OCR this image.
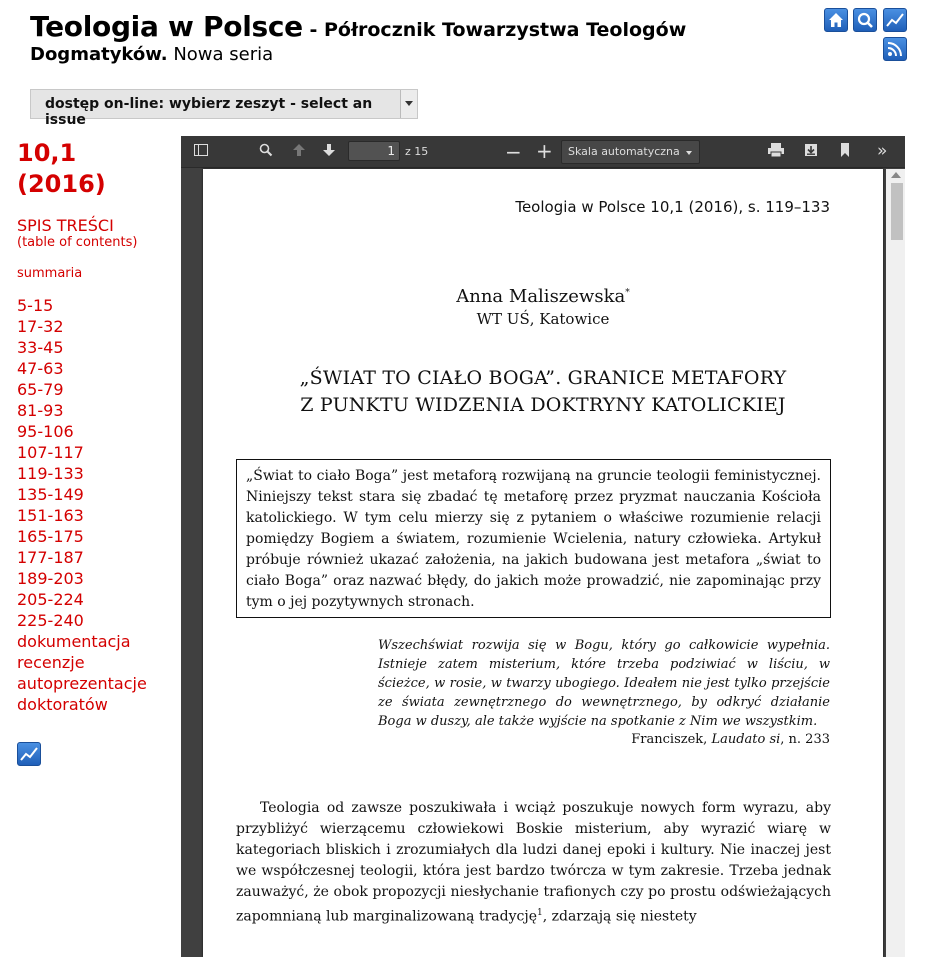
Teologia w Polsce - Półrocznik Towarzystwa Teologów
Dogmatyków. Nowa seria
dostęp on-line: wybierz zeszyt - select an issue
10,1
(2016)
SPIS TREŚCI
(table of contents)
summaria
5-15
17-32
33-45
47-63
65-79
81-93
95-106
107-117
119-133
135-149
151-163
165-175
177-187
189-203
205-224
225-240
dokumentacja
recenzje
autoprezentacje
doktoratów
1 z 15	− +	Skala automatyczna	»
Teologia w Polsce 10,1 (2016), s. 119–133
Anna Maliszewska*
WT UŚ, Katowice
„ŚWIAT TO CIAŁO BOGA”. GRANICE METAFORY
Z PUNKTU WIDZENIA DOKTRYNY KATOLICKIEJ
„Świat to ciało Boga” jest metaforą rozwijaną na gruncie teologii feministycznej. Niniejszy tekst stara się zbadać tę metaforę przez pryzmat nauczania Kościoła katolickiego. W tym celu mierzy się z pytaniem o właściwe rozumienie relacji pomiędzy Bogiem a światem, rozumienie Wcielenia, natury człowieka. Artykuł próbuje również ukazać założenia, na jakich budowana jest metafora „świat to ciało Boga” oraz nazwać błędy, do jakich może prowadzić, nie zapominając przy tym o jej pozytywnych stronach.
Wszechświat rozwija się w Bogu, który go całkowicie wypełnia. Istnieje zatem misterium, które trzeba podziwiać w liściu, w ścieżce, w rosie, w twarzy ubogiego. Ideałem nie jest tylko przejście ze świata zewnętrznego do wewnętrznego, by odkryć działanie Boga w duszy, ale także wyjście na spotkanie z Nim we wszystkim.
Franciszek, Laudato si, n. 233
Teologia od zawsze poszukiwała i wciąż poszukuje nowych form wyrazu, aby przybliżyć wierzącemu człowiekowi Boskie misterium, aby wyrazić wiarę w kategoriach bliskich i zrozumiałych dla ludzi danej epoki i kultury. Nie inaczej jest we współczesnej teologii, która jest bardzo twórcza w tym zakresie. Trzeba jednak zauważyć, że obok propozycji niesłychanie trafionych czy po prostu odświeżających zapomnianą lub marginalizowaną tradycję$^1$, zdarzają się niestety
